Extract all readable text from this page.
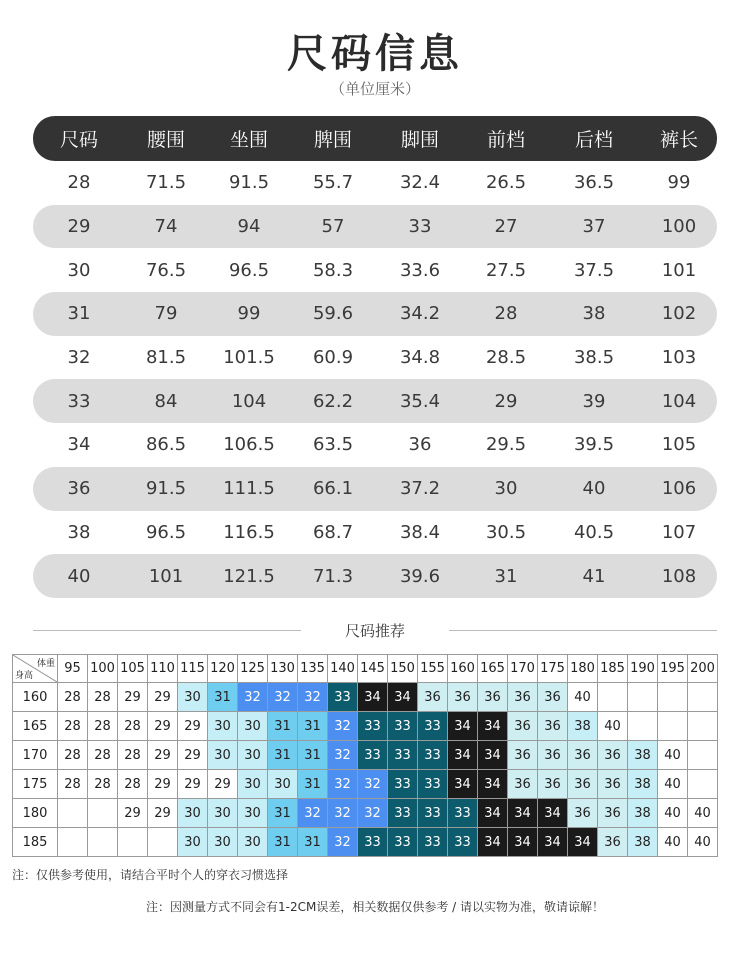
尺码信息
（单位厘米）
尺码	腰围	坐围	脾围	脚围	前档	后档	裤长
28	71.5	91.5	55.7	32.4	26.5	36.5	99
29	74	94	57	33	27	37	100
30	76.5	96.5	58.3	33.6	27.5	37.5	101
31	79	99	59.6	34.2	28	38	102
32	81.5	101.5	60.9	34.8	28.5	38.5	103
33	84	104	62.2	35.4	29	39	104
34	86.5	106.5	63.5	36	29.5	39.5	105
36	91.5	111.5	66.1	37.2	30	40	106
38	96.5	116.5	68.7	38.4	30.5	40.5	107
40	101	121.5	71.3	39.6	31	41	108
尺码推荐
体重
身高	95	100	105	110	115	120	125	130	135	140	145	150	155	160	165	170	175	180	185	190	195	200
160	28	28	29	29	30	31	32	32	32	33	34	34	36	36	36	36	36	40				
165	28	28	28	29	29	30	30	31	31	32	33	33	33	34	34	36	36	38	40			
170	28	28	28	29	29	30	30	31	31	32	33	33	33	34	34	36	36	36	36	38	40	
175	28	28	28	29	29	29	30	30	31	32	32	33	33	34	34	36	36	36	36	38	40	
180			29	29	30	30	30	31	32	32	32	33	33	33	34	34	34	36	36	38	40	40
185					30	30	30	31	31	32	33	33	33	33	34	34	34	34	36	38	40	40
注：仅供参考使用，请结合平时个人的穿衣习惯选择
注：因测量方式不同会有1-2CM误差，相关数据仅供参考 / 请以实物为准，敬请谅解！
